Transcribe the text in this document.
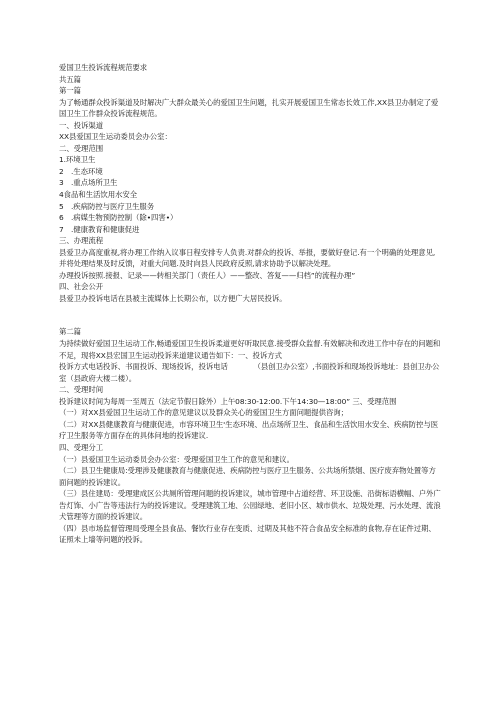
爱国卫生投诉流程规范要求

共五篇

第一篇

为了畅通群众投诉渠道及时解决广大群众最关心的爱国卫生问题，扎实开展爱国卫生常态长效工作,XX县卫办制定了爱国卫生工作群众投诉流程规范。

一、投诉渠道

XX县爱国卫生运动委员会办公室：

二、受理范围

1.环境卫生

2　.生态环境

3　.重点场所卫生

4食品和生活饮用水安全

5　.疾病防控与医疗卫生服务

6　.病媒生物预防控制（除•四害•）

7　.健康教育和健康促进

三、办理流程

县爱卫办高度重视,将办理工作纳入议事日程安排专人负责.对群众的投诉、举报，要做好登记.有一个明确的处理意见,并将处理结果及时反馈，对重大问题.及时向县人民政府反照,请求协助予以解决处理。

办理投诉按照.接报、记录——转相关部门（责任人）——整改、答复——归档”的流程办理”

四、社会公开

县爱卫办投诉电话在县被主流媒体上长期公布，以方便广大居民投诉。

第二篇

为持续做好爱国卫生运动工作,畅通爱国卫生投诉柔道更好听取民意.接受群众监督.有效解决和改进工作中存在的问题和不足，现将XX县宏国卫生运动投诉来道建议通告如下：一、投诉方式

投诉方式电话投诉、书面投诉、现场投诉，投诉电话　　　　（县创卫办公室）,书面投诉和现场投诉地址：县创卫办公室（县政府大楼二楼）。

二、受理时间

投诉建议时间为每周一至周五（法定节假日除外）上午08:30-12:00.下午14:30—18:00” 三、受理范围

（一）对XX县爱国卫生运动工作的意见建议以及群众关心的爱国卫生方面问题提供咨询；

（二）对XX县健康教育与健康促进，市容环境卫生'生态环境、出点场所卫生、食品和生活饮用水安全、疾病防控与医疗卫生服务等方面存在的具体问地的投诉建议.

四、受理分工

（一）县爱国卫生运动委员会办公室：受理爱国卫生工作的意见和建议。

（二）县卫生健康局:受理涉及健康教育与健康促进、疾病防控与医疗卫生服务、公共场所禁烟、医疗废弃物处置等方面问题的投诉建议。

（三）县住建局：受理建成区公共厕所管理问题的投诉建议，城市管理中占道经营、环卫设施、沿街标语横幅、户外广告灯饰、小广告等违法行为的投诉建议。受理建筑工地、公园绿地、老旧小区、城市供水、垃圾处理、污水处理、流浪犬管理等方面的投诉建议。

（四）县市场监督管理局受理全县食品、餐饮行业存在变质、过期及其他不符合食品安全标准的食物,存在证件过期、证照未上墙等问题的投诉。
